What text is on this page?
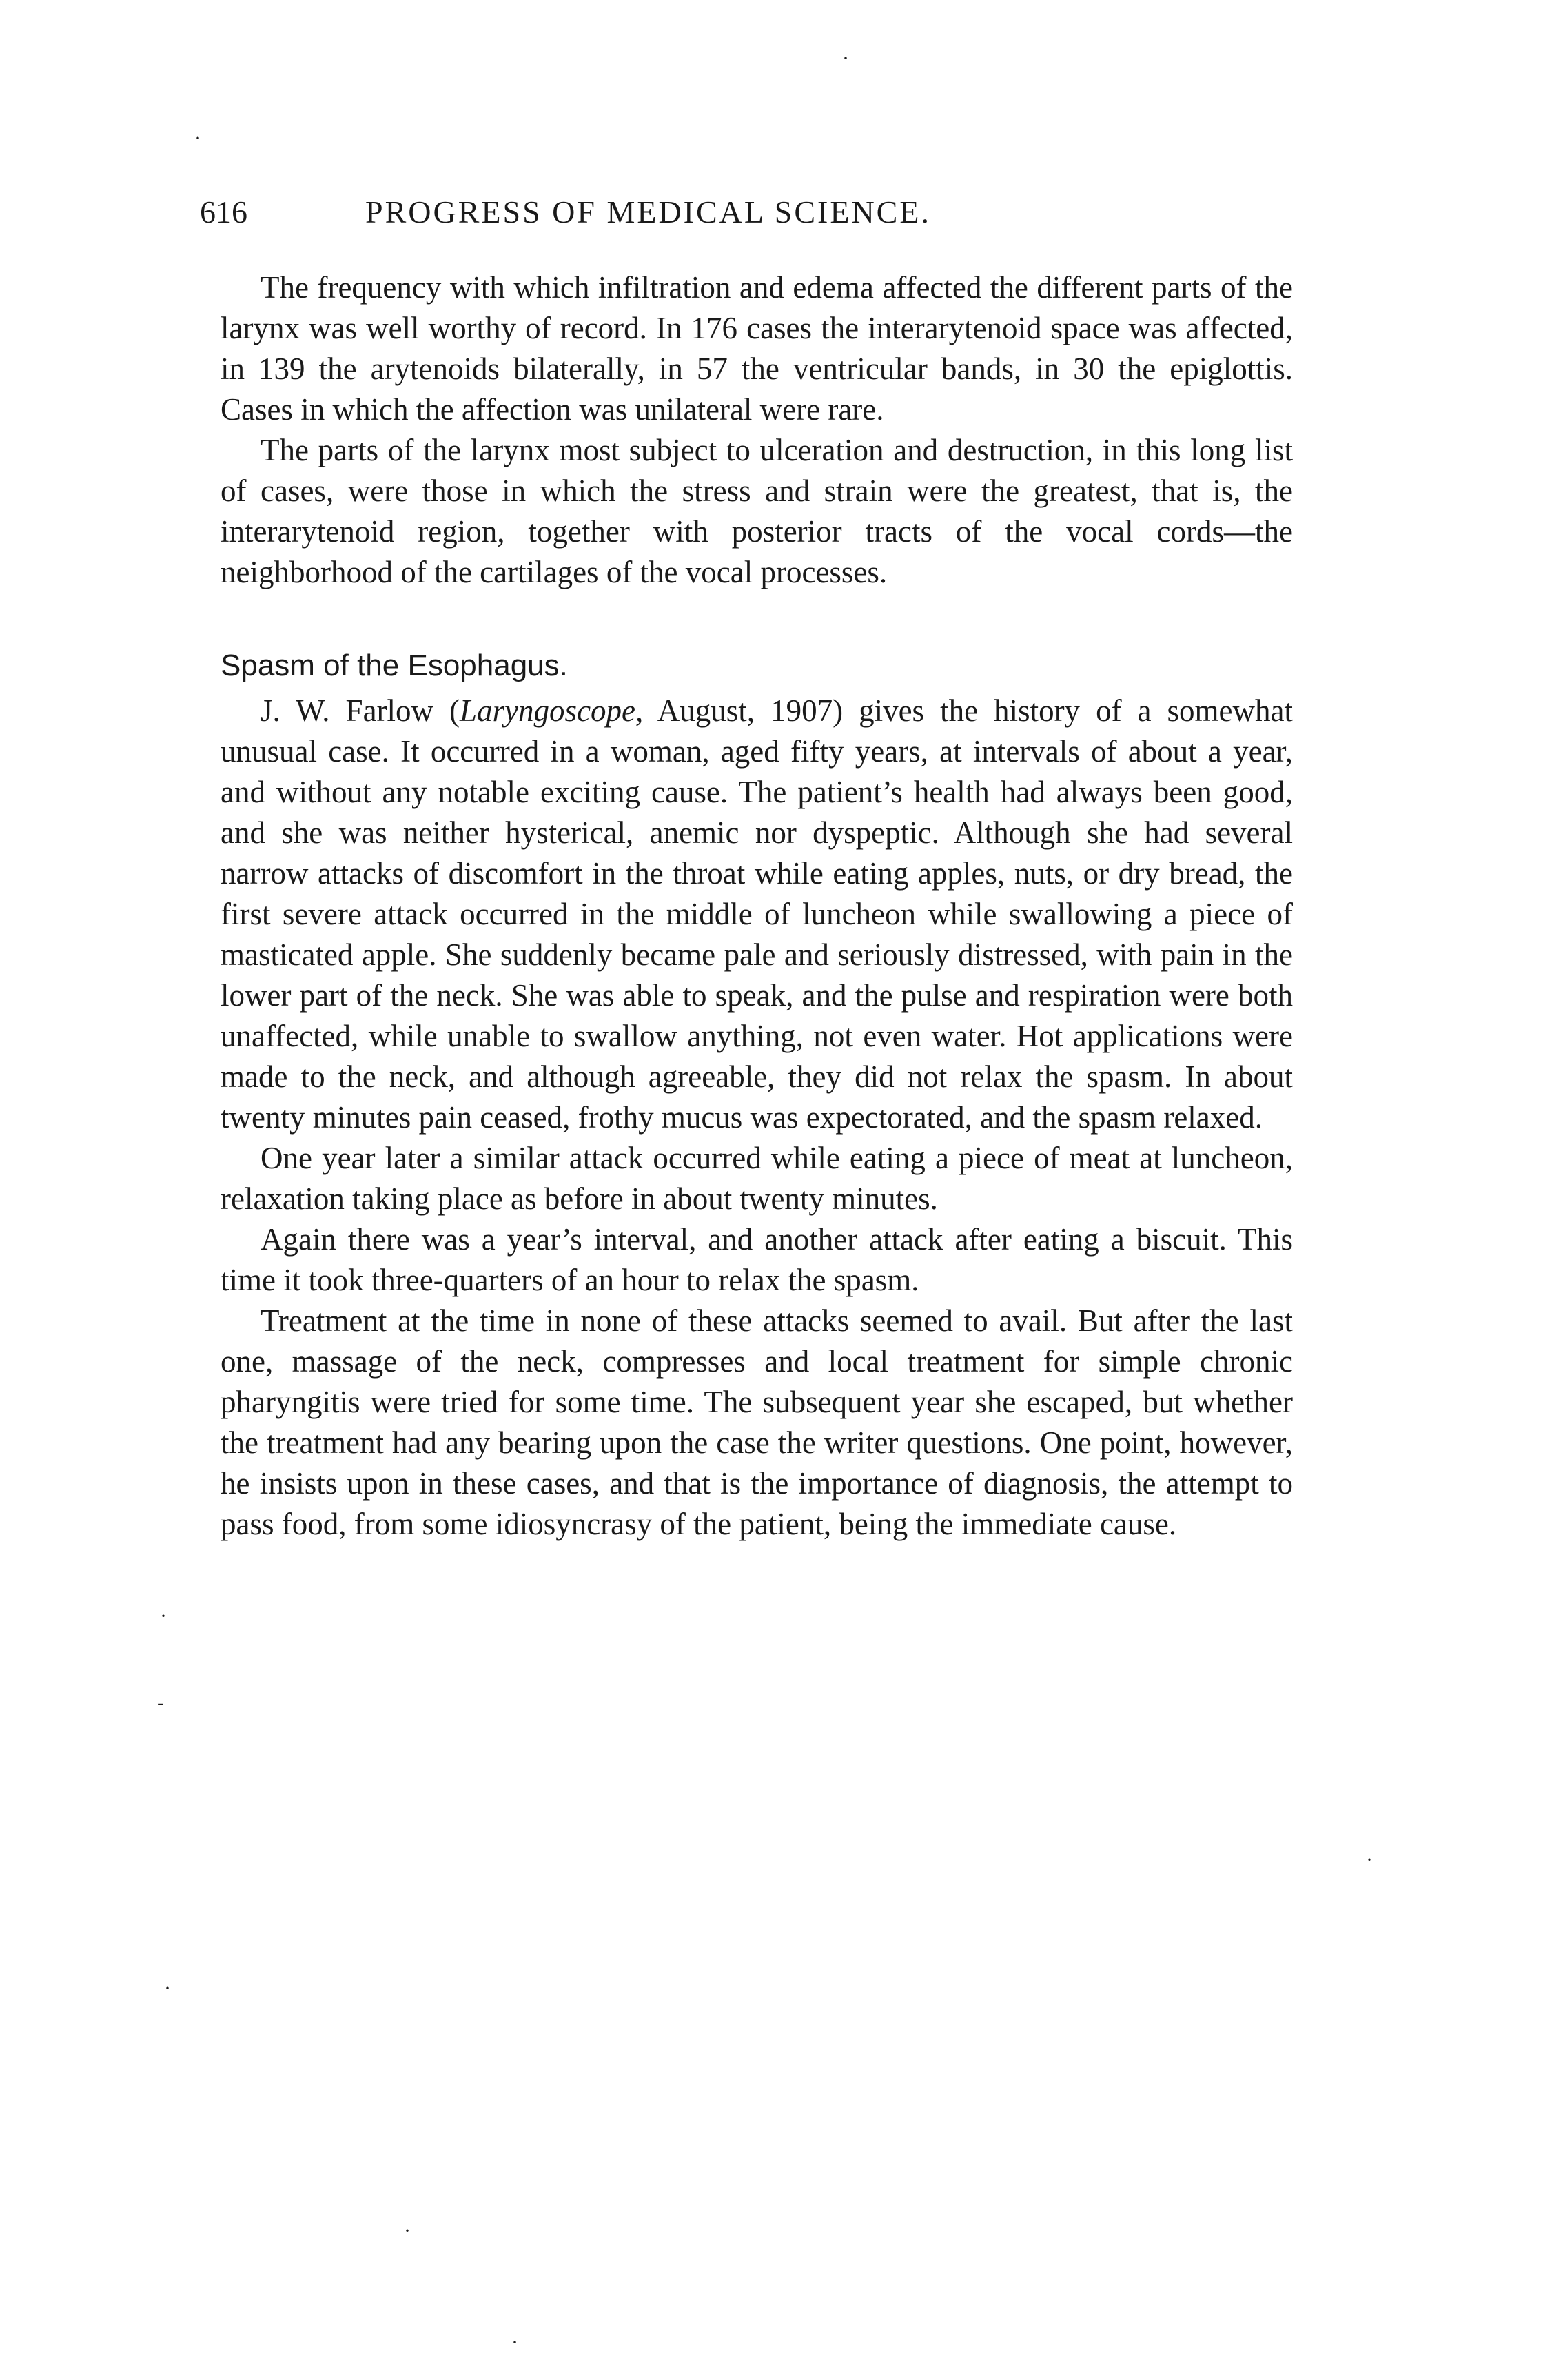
616	PROGRESS OF MEDICAL SCIENCE.

The frequency with which infiltration and edema affected the different parts of the larynx was well worthy of record. In 176 cases the interarytenoid space was affected, in 139 the arytenoids bilaterally, in 57 the ventricular bands, in 30 the epiglottis. Cases in which the affection was unilateral were rare.

The parts of the larynx most subject to ulceration and destruction, in this long list of cases, were those in which the stress and strain were the greatest, that is, the interarytenoid region, together with posterior tracts of the vocal cords—the neighborhood of the cartilages of the vocal processes.

Spasm of the Esophagus.

J. W. Farlow (Laryngoscope, August, 1907) gives the history of a somewhat unusual case. It occurred in a woman, aged fifty years, at intervals of about a year, and without any notable exciting cause. The patient’s health had always been good, and she was neither hysterical, anemic nor dyspeptic. Although she had several narrow attacks of discomfort in the throat while eating apples, nuts, or dry bread, the first severe attack occurred in the middle of luncheon while swallowing a piece of masticated apple. She suddenly became pale and seriously distressed, with pain in the lower part of the neck. She was able to speak, and the pulse and respiration were both unaffected, while unable to swallow anything, not even water. Hot applications were made to the neck, and although agreeable, they did not relax the spasm. In about twenty minutes pain ceased, frothy mucus was expectorated, and the spasm relaxed.

One year later a similar attack occurred while eating a piece of meat at luncheon, relaxation taking place as before in about twenty minutes.

Again there was a year’s interval, and another attack after eating a biscuit. This time it took three-quarters of an hour to relax the spasm.

Treatment at the time in none of these attacks seemed to avail. But after the last one, massage of the neck, compresses and local treatment for simple chronic pharyngitis were tried for some time. The subsequent year she escaped, but whether the treatment had any bearing upon the case the writer questions. One point, however, he insists upon in these cases, and that is the importance of diagnosis, the attempt to pass food, from some idiosyncrasy of the patient, being the immediate cause.

·
·
·
-
·
·
·
·
